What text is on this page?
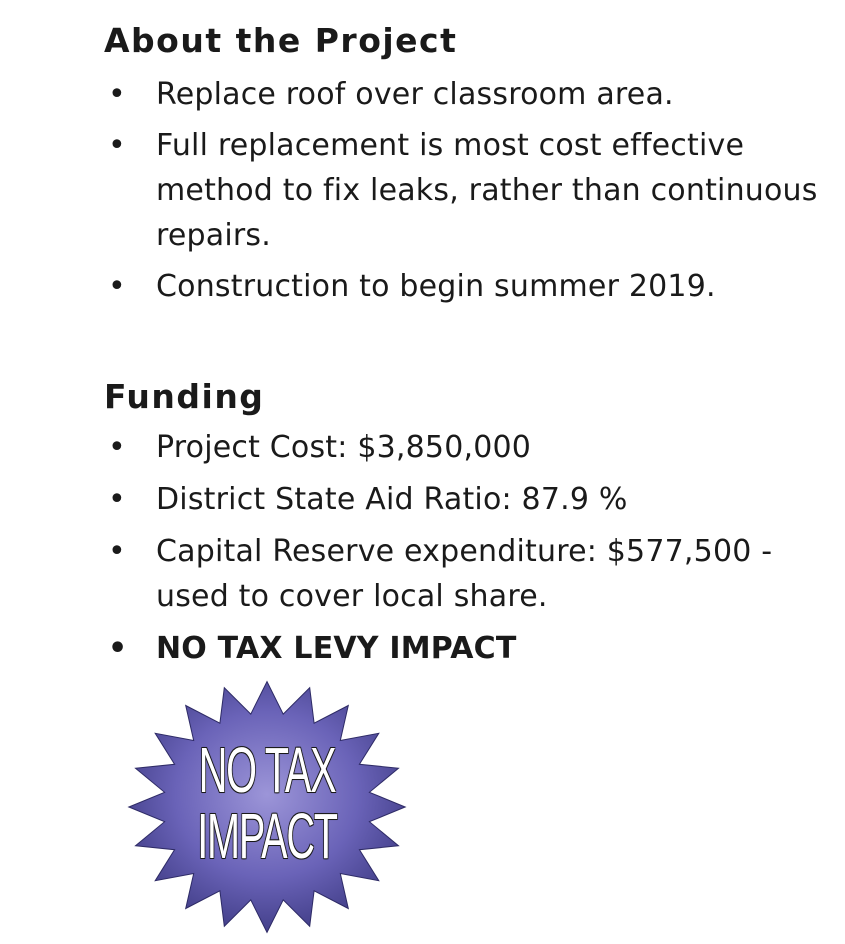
About the Project
• Replace roof over classroom area.
• Full replacement is most cost effective method to fix leaks, rather than continuous repairs.
• Construction to begin summer 2019.
Funding
• Project Cost: $3,850,000
• District State Aid Ratio: 87.9 %
• Capital Reserve expenditure: $577,500 - used to cover local share.
• NO TAX LEVY IMPACT
NO TAX
IMPACT
